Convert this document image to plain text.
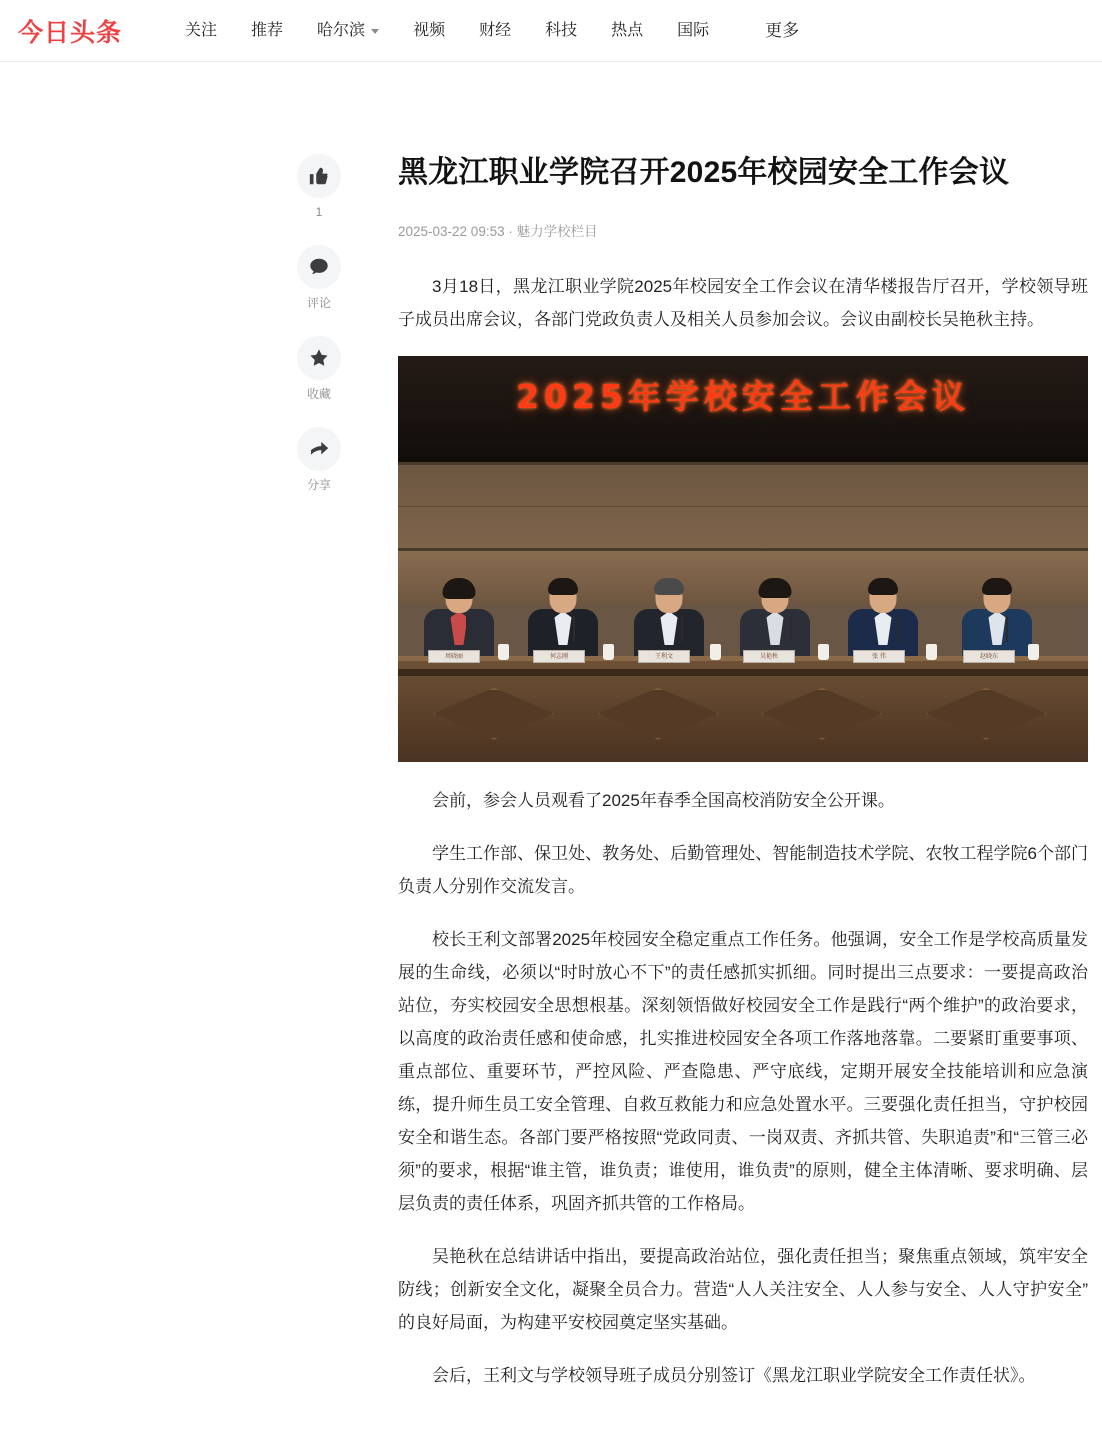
今日头条	关注	推荐	哈尔滨	视频	财经	科技	热点	国际	更多
1
评论
收藏
分享
黑龙江职业学院召开2025年校园安全工作会议
2025-03-22 09:53 · 魅力学校栏目

3月18日，黑龙江职业学院2025年校园安全工作会议在清华楼报告厅召开，学校领导班子成员出席会议，各部门党政负责人及相关人员参加会议。会议由副校长吴艳秋主持。

2025年学校安全工作会议
周晓丽	何志刚	王利文	吴艳秋	张 伟	赵晓东

会前，参会人员观看了2025年春季全国高校消防安全公开课。

学生工作部、保卫处、教务处、后勤管理处、智能制造技术学院、农牧工程学院6个部门负责人分别作交流发言。

校长王利文部署2025年校园安全稳定重点工作任务。他强调，安全工作是学校高质量发展的生命线，必须以“时时放心不下”的责任感抓实抓细。同时提出三点要求：一要提高政治站位，夯实校园安全思想根基。深刻领悟做好校园安全工作是践行“两个维护”的政治要求，以高度的政治责任感和使命感，扎实推进校园安全各项工作落地落靠。二要紧盯重要事项、重点部位、重要环节，严控风险、严查隐患、严守底线，定期开展安全技能培训和应急演练，提升师生员工安全管理、自救互救能力和应急处置水平。三要强化责任担当，守护校园安全和谐生态。各部门要严格按照“党政同责、一岗双责、齐抓共管、失职追责”和“三管三必须”的要求，根据“谁主管，谁负责；谁使用，谁负责”的原则，健全主体清晰、要求明确、层层负责的责任体系，巩固齐抓共管的工作格局。

吴艳秋在总结讲话中指出，要提高政治站位，强化责任担当；聚焦重点领域，筑牢安全防线；创新安全文化，凝聚全员合力。营造“人人关注安全、人人参与安全、人人守护安全”的良好局面，为构建平安校园奠定坚实基础。

会后，王利文与学校领导班子成员分别签订《黑龙江职业学院安全工作责任状》。
